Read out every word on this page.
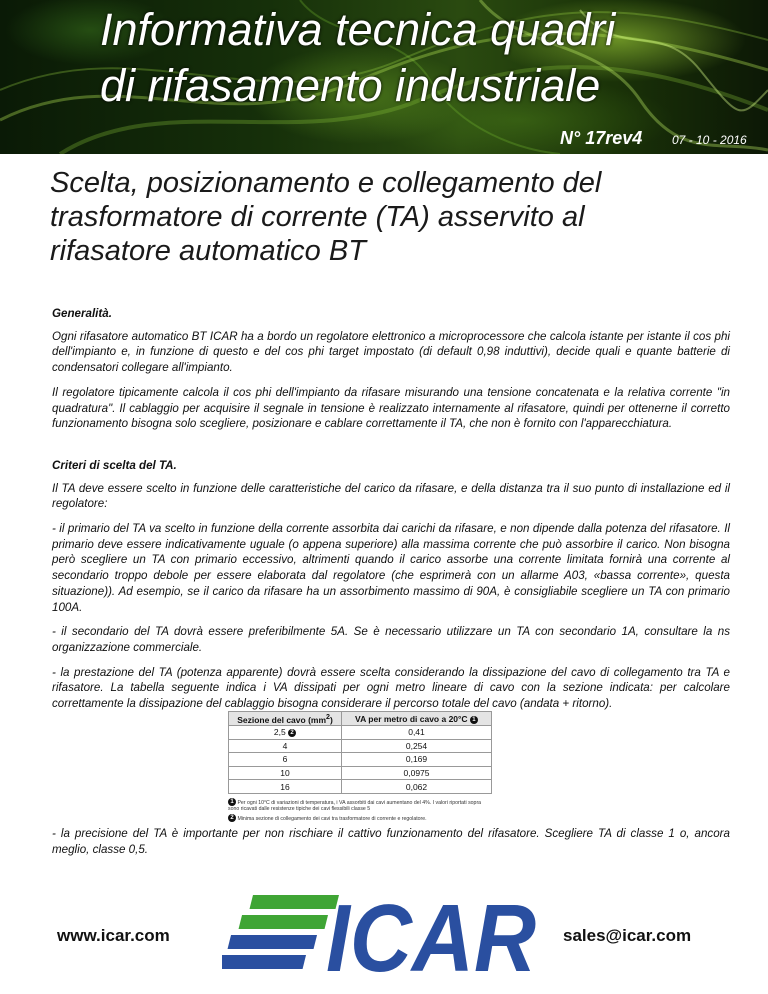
Informativa tecnica quadri
di rifasamento industriale
N° 17rev4 07 - 10 - 2016
Scelta, posizionamento e collegamento del
trasformatore di corrente (TA) asservito al
rifasatore automatico BT
Generalità.

Ogni rifasatore automatico BT ICAR ha a bordo un regolatore elettronico a microprocessore che calcola istante per istante il cos phi dell'impianto e, in funzione di questo e del cos phi target impostato (di default 0,98 induttivi), decide quali e quante batterie di condensatori collegare all'impianto.

Il regolatore tipicamente calcola il cos phi dell'impianto da rifasare misurando una tensione concatenata e la relativa corrente "in quadratura". Il cablaggio per acquisire il segnale in tensione è realizzato internamente al rifasatore, quindi per ottenerne il corretto funzionamento bisogna solo scegliere, posizionare e cablare correttamente il TA, che non è fornito con l'apparecchiatura.

Criteri di scelta del TA.

Il TA deve essere scelto in funzione delle caratteristiche del carico da rifasare, e della distanza tra il suo punto di installazione ed il regolatore:

- il primario del TA va scelto in funzione della corrente assorbita dai carichi da rifasare, e non dipende dalla potenza del rifasatore. Il primario deve essere indicativamente uguale (o appena superiore) alla massima corrente che può assorbire il carico. Non bisogna però scegliere un TA con primario eccessivo, altrimenti quando il carico assorbe una corrente limitata fornirà una corrente al secondario troppo debole per essere elaborata dal regolatore (che esprimerà con un allarme A03, «bassa corrente», questa situazione)). Ad esempio, se il carico da rifasare ha un assorbimento massimo di 90A, è consigliabile scegliere un TA con primario 100A.

- il secondario del TA dovrà essere preferibilmente 5A. Se è necessario utilizzare un TA con secondario 1A, consultare la ns organizzazione commerciale.

- la prestazione del TA (potenza apparente) dovrà essere scelta considerando la dissipazione del cavo di collegamento tra TA e rifasatore. La tabella seguente indica i VA dissipati per ogni metro lineare di cavo con la sezione indicata: per calcolare correttamente la dissipazione del cablaggio bisogna considerare il percorso totale del cavo (andata + ritorno).

Sezione del cavo $(mm^2)$	VA per metro di cavo a 20°C 1
2,5 2	0,41
4	0,254
6	0,169
10	0,0975
16	0,062
1 Per ogni 10°C di variazioni di temperatura, i VA assorbiti dai cavi aumentano del 4%. I valori riportati sopra sono ricavati dalle resistenze tipiche dei cavi flessibili classe 5
2 Minima sezione di collegamento dei cavi tra trasformatore di corrente e regolatore.

- la precisione del TA è importante per non rischiare il cattivo funzionamento del rifasatore. Scegliere TA di classe 1 o, ancora meglio, classe 0,5.

www.icar.com ICAR sales@icar.com
